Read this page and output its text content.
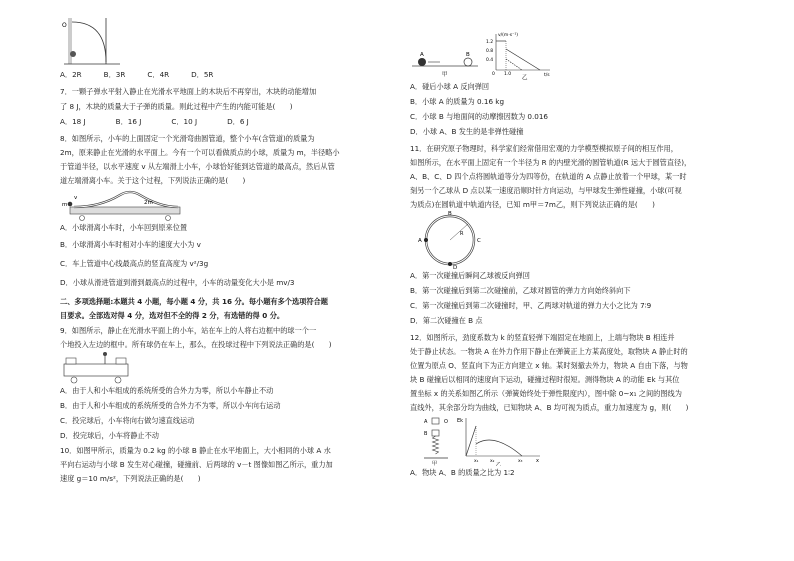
O
A．2R	B．3R	C．4R	D．5R

7．一颗子弹水平射入静止在光滑水平地面上的木块后不再穿出，木块的动能增加

了 8 J，木块的质量大于子弹的质量。则此过程中产生的内能可能是(　　)

A．18 J	B．16 J	C．10 J	D．6 J

8．如图所示，小车的上面固定一个光滑弯曲圆管道，整个小车(含管道)的质量为

2m，原来静止在光滑的水平面上。今有一个可以看做质点的小球，质量为 m，半径略小

于管道半径，以水平速度 v 从左端滑上小车，小球恰好能到达管道的最高点，然后从管

道左端滑离小车。关于这个过程，下列说法正确的是(　　)

m
v
2m

A．小球滑离小车时，小车回到原来位置

B．小球滑离小车时相对小车的速度大小为 v

C．车上管道中心线最高点的竖直高度为 v²/3g

D．小球从滑进管道到滑到最高点的过程中，小车的动量变化大小是 mv/3

二、多项选择题:本题共 4 小题，每小题 4 分，共 16 分。每小题有多个选项符合题

目要求。全部选对得 4 分，选对但不全的得 2 分，有选错的得 0 分。

9．如图所示，静止在光滑水平面上的小车，站在车上的人将右边框中的球一个一

个地投入左边的框中。所有球仍在车上，那么，在投球过程中下列说法正确的是(　　)

A．由于人和小车组成的系统所受的合外力为零，所以小车静止不动

B．由于人和小车组成的系统所受的合外力不为零，所以小车向右运动

C．投完球后，小车将向右做匀速直线运动

D．投完球后，小车将静止不动

10．如图甲所示，质量为 0.2 kg 的小球 B 静止在水平地面上，大小相同的小球 A 水

平向右运动与小球 B 发生对心碰撞，碰撞前、后两球的 v－t 图像如图乙所示，重力加

速度 g＝10 m/s²，下列说法正确的是(　　)

A	B
甲
v/(m·s⁻¹)
1.2
0.8
0.4
0 1.0	t/s
乙

A．碰后小球 A 反向弹回

B．小球 A 的质量为 0.16 kg

C．小球 B 与地面间的动摩擦因数为 0.016

D．小球 A、B 发生的是非弹性碰撞

11．在研究原子物理时，科学家们经常借用宏观的力学模型模拟原子间的相互作用，

如图所示，在水平面上固定有一个半径为 R 的内壁光滑的圆管轨道(R 远大于圆管直径)，

A、B、C、D 四个点将圆轨道等分为四等份，在轨道的 A 点静止放着一个甲球，某一时

刻另一个乙球从 D 点以某一速度沿顺时针方向运动，与甲球发生弹性碰撞，小球(可视

为质点)在圆轨道中轨道内径，已知 m甲＝7m乙，则下列说法正确的是(　　)

A
B
C
D
R

A．第一次碰撞后瞬间乙球被反向弹回

B．第一次碰撞后到第二次碰撞前，乙球对圆管的弹力方向始终斜向下

C．第一次碰撞后到第二次碰撞时，甲、乙两球对轨道的弹力大小之比为 7∶9

D．第二次碰撞在 B 点

12．如图所示，劲度系数为 k 的竖直轻弹下端固定在地面上，上端与物块 B 相连并

处于静止状态。一物块 A 在外力作用下静止在弹簧正上方某高度处，取物块 A 静止时的

位置为原点 O、竖直向下为正方向建立 x 轴。某时刻撤去外力，物块 A 自由下落，与物

块 B 碰撞后以相同的速度向下运动，碰撞过程时很短。测得物块 A 的动能 Ek 与其位

置坐标 x 的关系如图乙所示（弹簧始终处于弹性限度内），图中除 0~x₁ 之间的图线为

直线外，其余部分均为曲线，已知物块 A、B 均可视为质点，重力加速度为 g，则(　　)

A
B
O
甲
Ek
x
x₁	x₂	x₃
乙

A．物块 A、B 的质量之比为 1∶2
